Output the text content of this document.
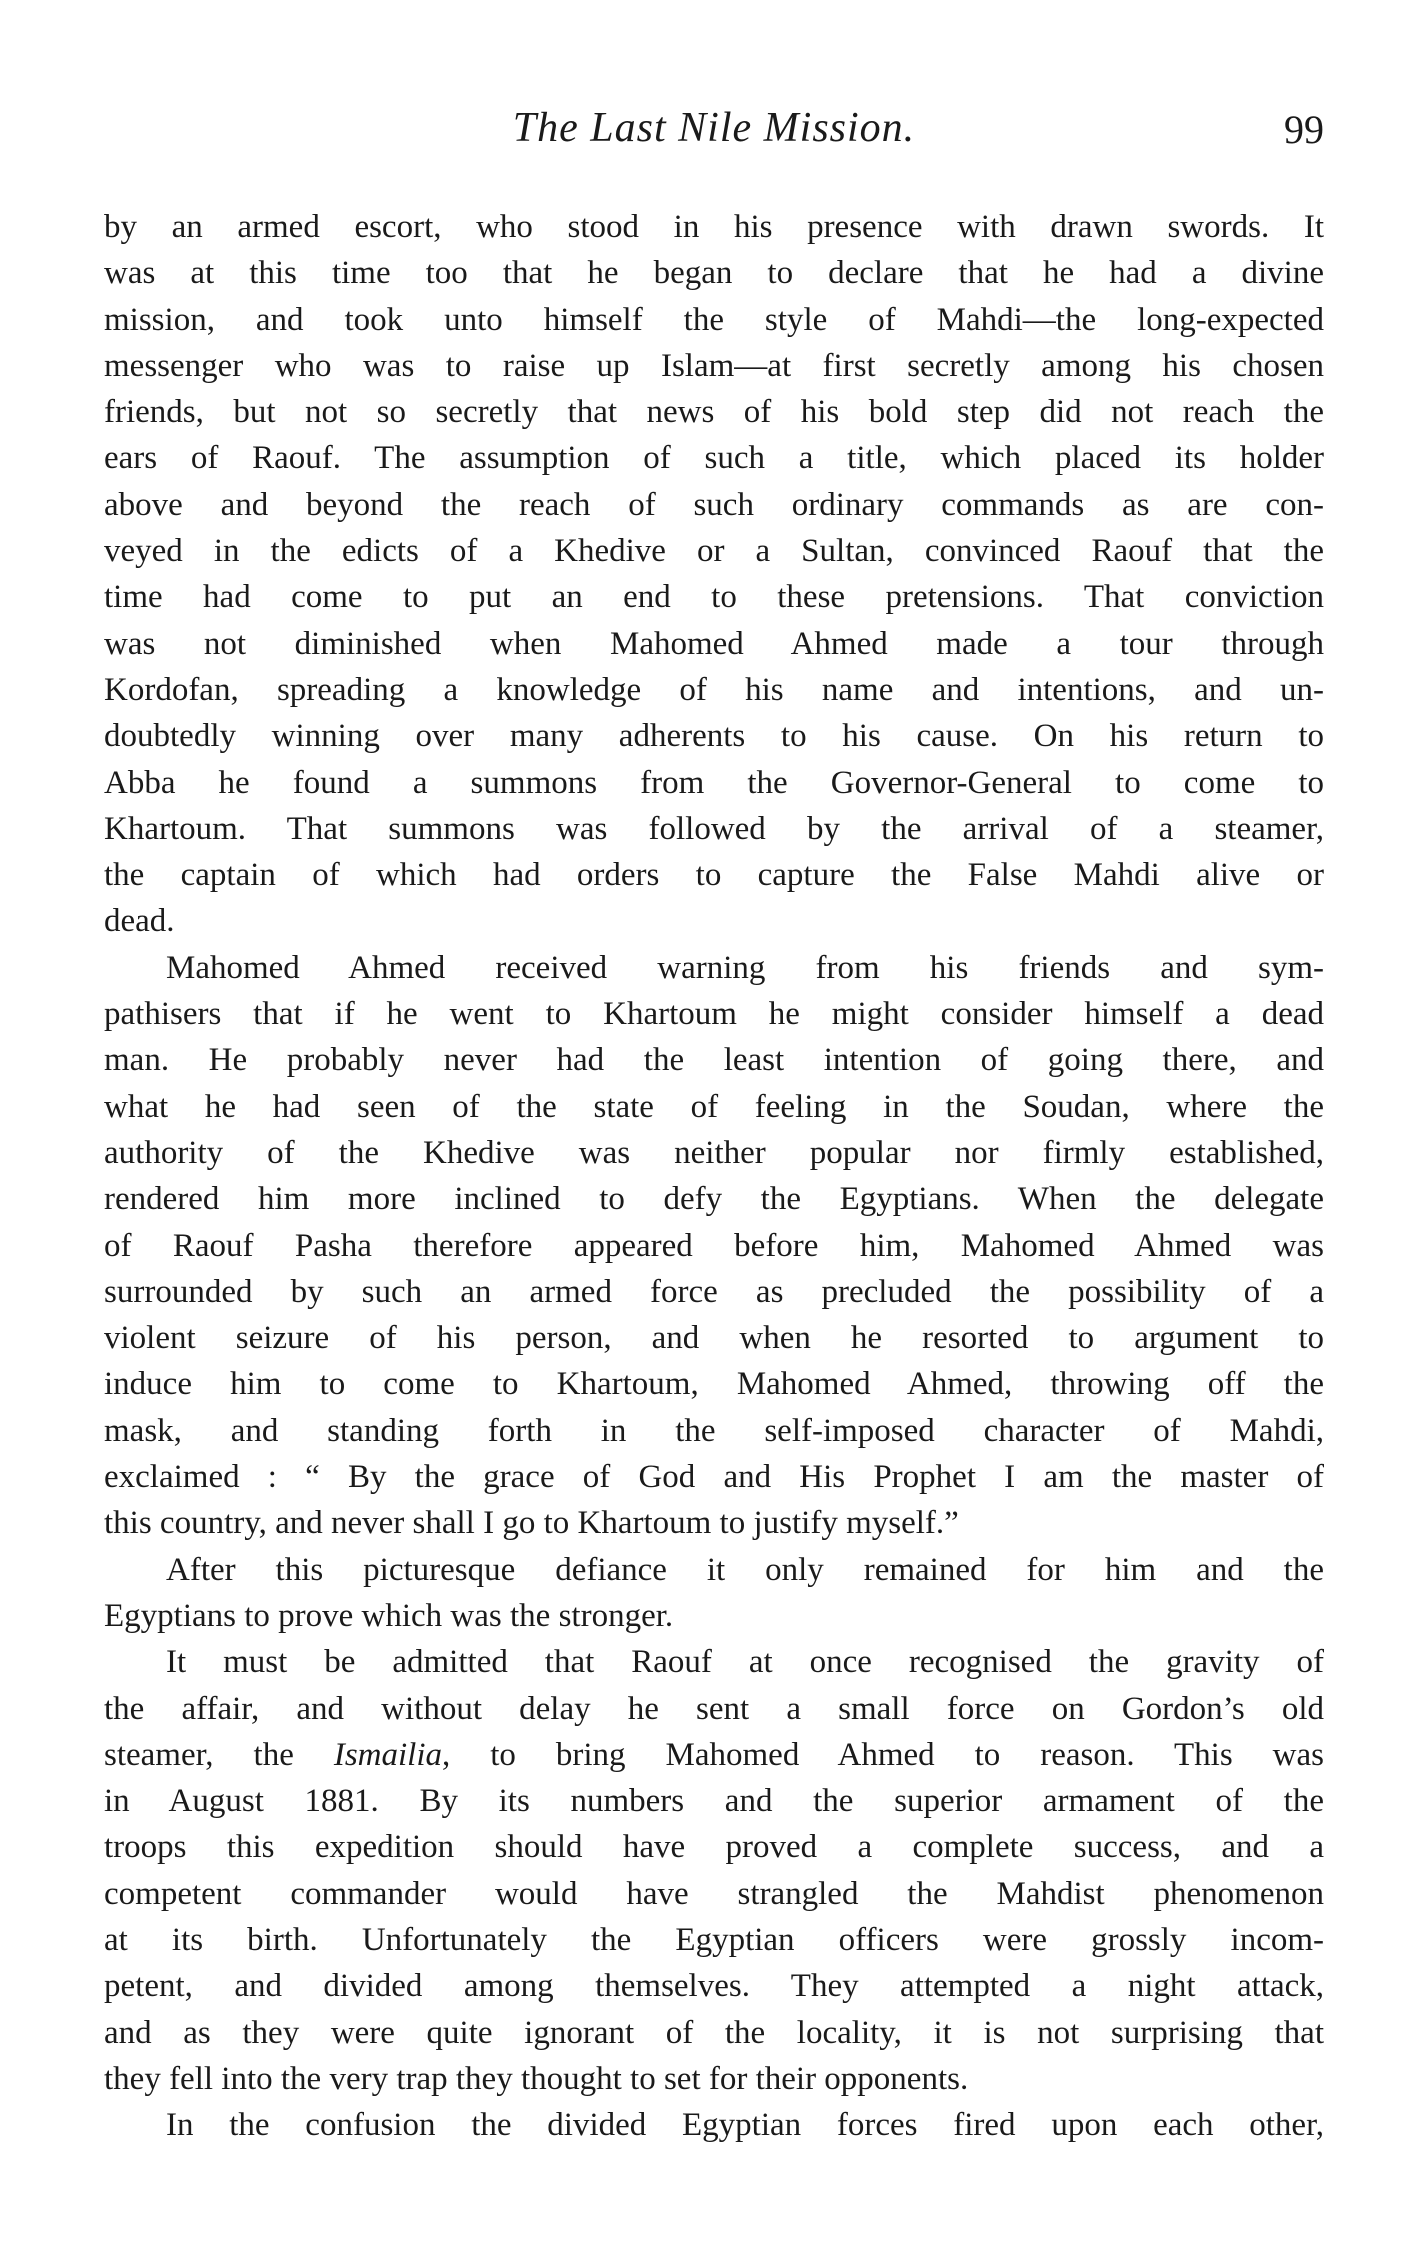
The Last Nile Mission.	99
by an armed escort, who stood in his presence with drawn swords. It
was at this time too that he began to declare that he had a divine
mission, and took unto himself the style of Mahdi—the long-expected
messenger who was to raise up Islam—at first secretly among his chosen
friends, but not so secretly that news of his bold step did not reach the
ears of Raouf. The assumption of such a title, which placed its holder
above and beyond the reach of such ordinary commands as are con-
veyed in the edicts of a Khedive or a Sultan, convinced Raouf that the
time had come to put an end to these pretensions. That conviction
was not diminished when Mahomed Ahmed made a tour through
Kordofan, spreading a knowledge of his name and intentions, and un-
doubtedly winning over many adherents to his cause. On his return to
Abba he found a summons from the Governor-General to come to
Khartoum. That summons was followed by the arrival of a steamer,
the captain of which had orders to capture the False Mahdi alive or
dead.
Mahomed Ahmed received warning from his friends and sym-
pathisers that if he went to Khartoum he might consider himself a dead
man. He probably never had the least intention of going there, and
what he had seen of the state of feeling in the Soudan, where the
authority of the Khedive was neither popular nor firmly established,
rendered him more inclined to defy the Egyptians. When the delegate
of Raouf Pasha therefore appeared before him, Mahomed Ahmed was
surrounded by such an armed force as precluded the possibility of a
violent seizure of his person, and when he resorted to argument to
induce him to come to Khartoum, Mahomed Ahmed, throwing off the
mask, and standing forth in the self-imposed character of Mahdi,
exclaimed : “ By the grace of God and His Prophet I am the master of
this country, and never shall I go to Khartoum to justify myself.”
After this picturesque defiance it only remained for him and the
Egyptians to prove which was the stronger.
It must be admitted that Raouf at once recognised the gravity of
the affair, and without delay he sent a small force on Gordon’s old
steamer, the Ismailia, to bring Mahomed Ahmed to reason. This was
in August 1881. By its numbers and the superior armament of the
troops this expedition should have proved a complete success, and a
competent commander would have strangled the Mahdist phenomenon
at its birth. Unfortunately the Egyptian officers were grossly incom-
petent, and divided among themselves. They attempted a night attack,
and as they were quite ignorant of the locality, it is not surprising that
they fell into the very trap they thought to set for their opponents.
In the confusion the divided Egyptian forces fired upon each other,
